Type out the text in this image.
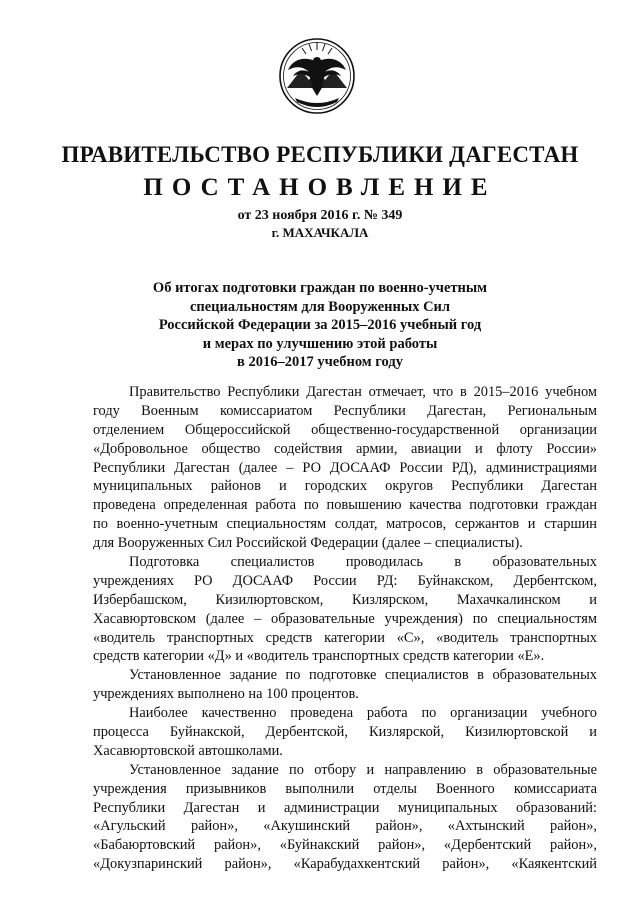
ПРАВИТЕЛЬСТВО РЕСПУБЛИКИ ДАГЕСТАН
ПОСТАНОВЛЕНИЕ
от 23 ноября 2016 г. № 349
г. МАХАЧКАЛА
Об итогах подготовки граждан по военно-учетным
специальностям для Вооруженных Сил
Российской Федерации за 2015–2016 учебный год
и мерах по улучшению этой работы
в 2016–2017 учебном году
Правительство Республики Дагестан отмечает, что в 2015–2016 учебном
году Военным комиссариатом Республики Дагестан, Региональным
отделением Общероссийской общественно-государственной организации
«Добровольное общество содействия армии, авиации и флоту России»
Республики Дагестан (далее – РО ДОСААФ России РД), администрациями
муниципальных районов и городских округов Республики Дагестан
проведена определенная работа по повышению качества подготовки граждан
по военно-учетным специальностям солдат, матросов, сержантов и старшин
для Вооруженных Сил Российской Федерации (далее – специалисты).
Подготовка специалистов проводилась в образовательных
учреждениях РО ДОСААФ России РД: Буйнакском, Дербентском,
Избербашском, Кизилюртовском, Кизлярском, Махачкалинском и
Хасавюртовском (далее – образовательные учреждения) по специальностям
«водитель транспортных средств категории «С», «водитель транспортных
средств категории «Д» и «водитель транспортных средств категории «Е».
Установленное задание по подготовке специалистов в образовательных
учреждениях выполнено на 100 процентов.
Наиболее качественно проведена работа по организации учебного
процесса Буйнакской, Дербентской, Кизлярской, Кизилюртовской и
Хасавюртовской автошколами.
Установленное задание по отбору и направлению в образовательные
учреждения призывников выполнили отделы Военного комиссариата
Республики Дагестан и администрации муниципальных образований:
«Агульский район», «Акушинский район», «Ахтынский район»,
«Бабаюртовский район», «Буйнакский район», «Дербентский район»,
«Докузпаринский район», «Карабудахкентский район», «Каякентский
